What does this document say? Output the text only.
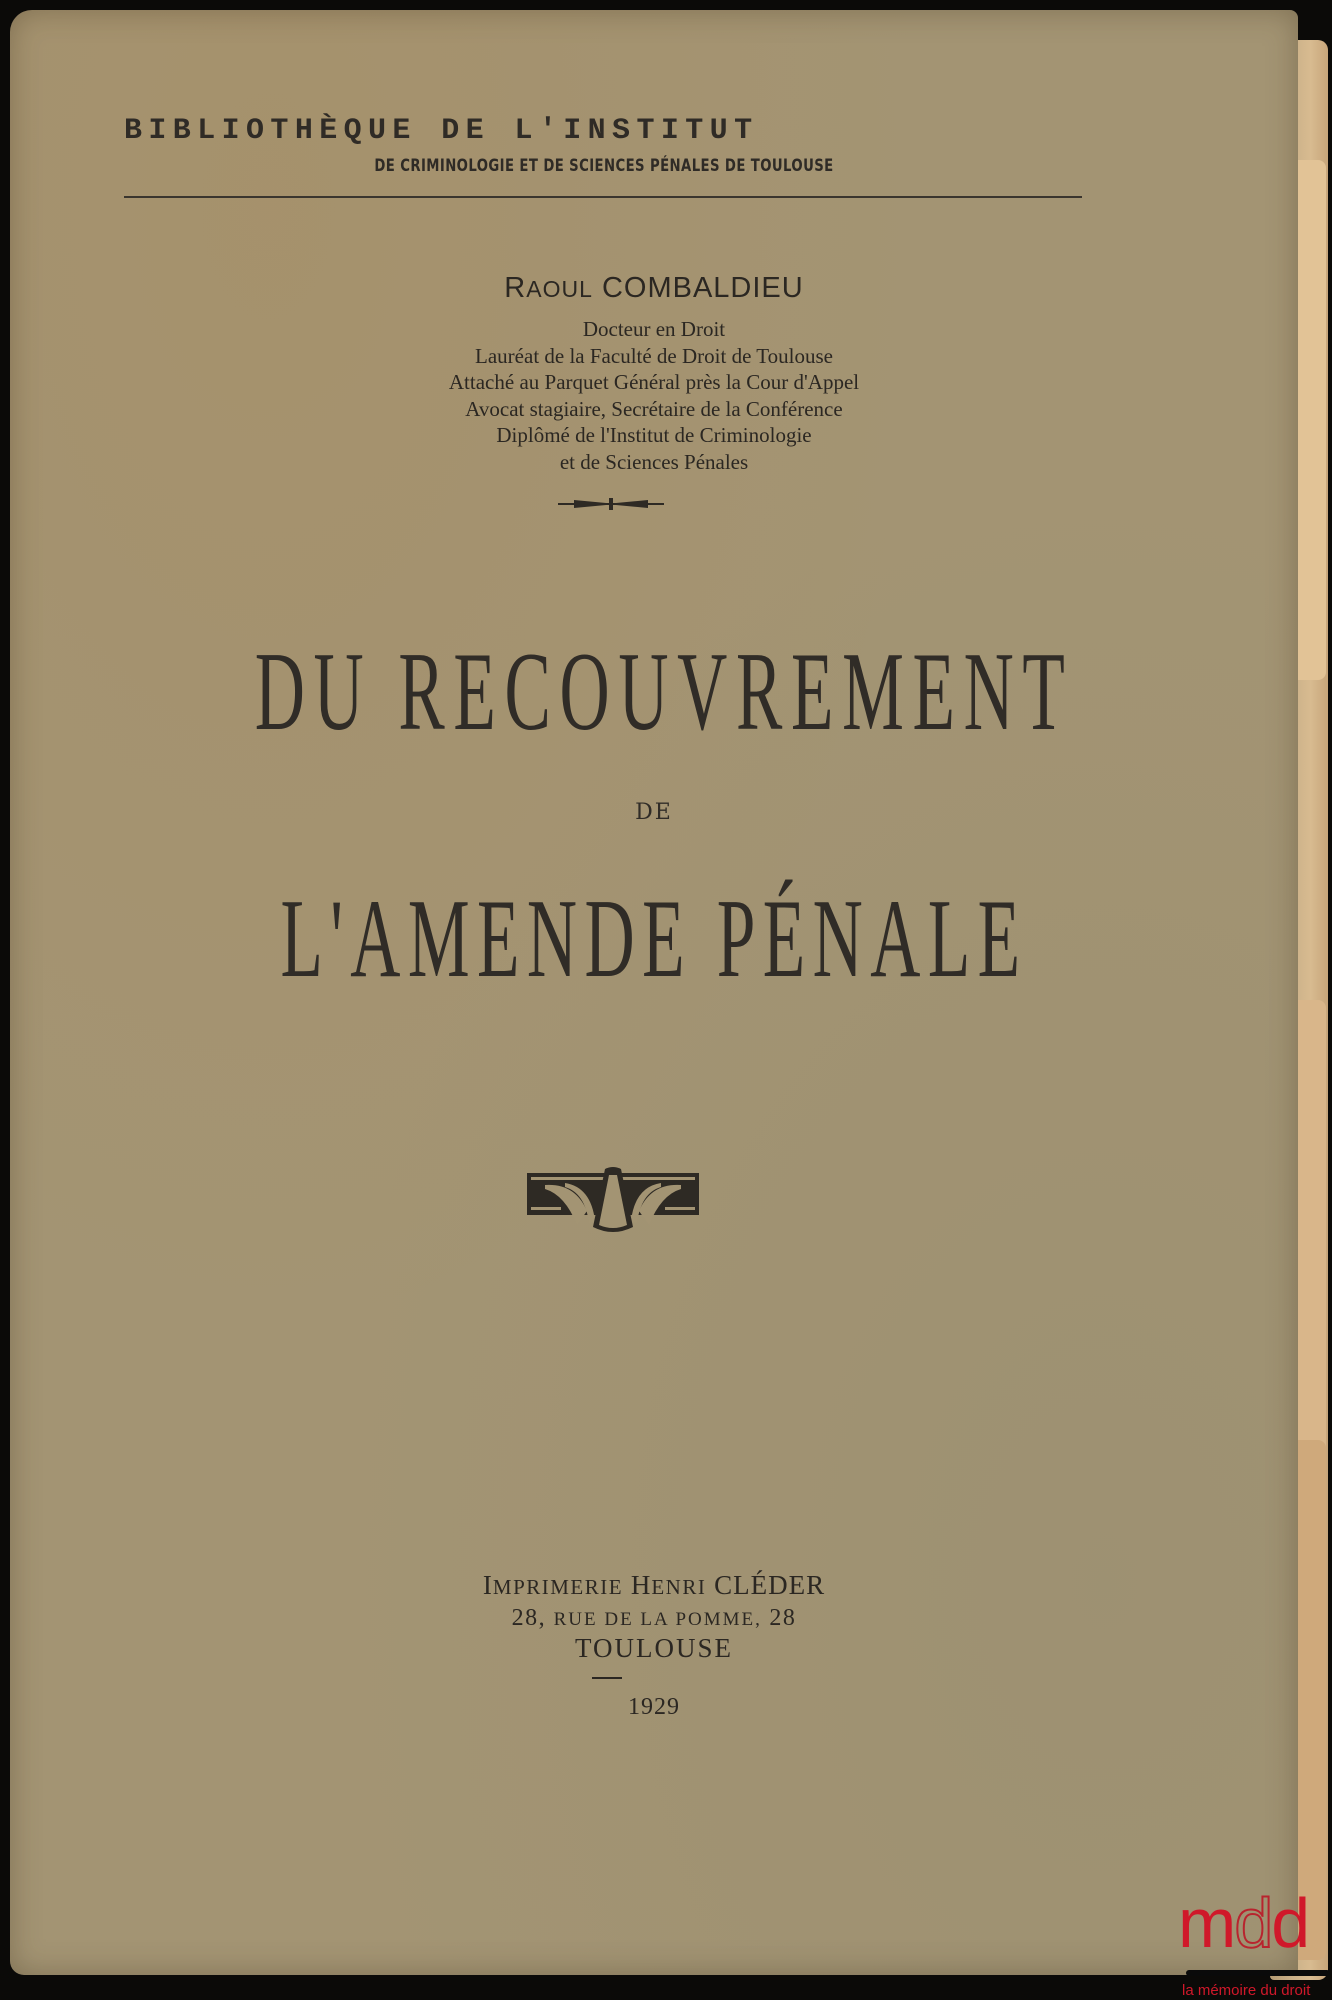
BIBLIOTHÈQUE DE L'INSTITUT
DE CRIMINOLOGIE ET DE SCIENCES PÉNALES DE TOULOUSE
RAOUL COMBALDIEU
Docteur en Droit
Lauréat de la Faculté de Droit de Toulouse
Attaché au Parquet Général près la Cour d'Appel
Avocat stagiaire, Secrétaire de la Conférence
Diplômé de l'Institut de Criminologie
et de Sciences Pénales
DU RECOUVREMENT
DE
L'AMENDE PÉNALE
IMPRIMERIE HENRI CLÉDER
28, RUE DE LA POMME, 28
TOULOUSE
1929
mdd
la mémoire du droit
